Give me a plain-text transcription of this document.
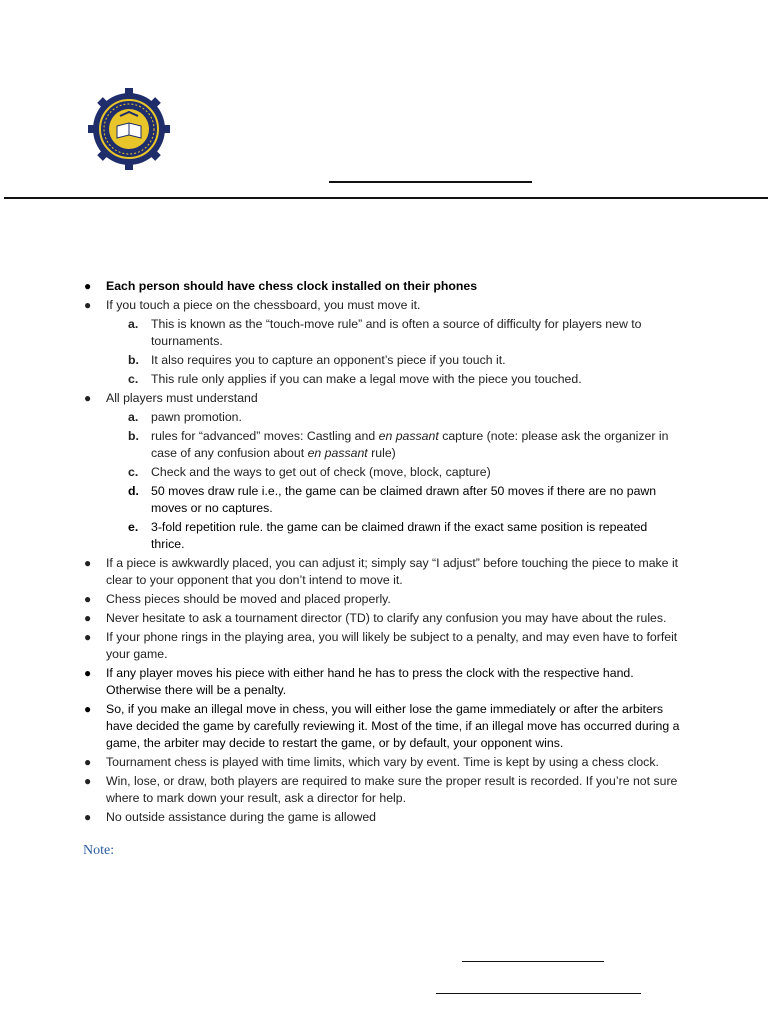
● Each person should have chess clock installed on their phones
● If you touch a piece on the chessboard, you must move it.
a. This is known as the “touch-move rule” and is often a source of difficulty for players new to tournaments.
b. It also requires you to capture an opponent’s piece if you touch it.
c. This rule only applies if you can make a legal move with the piece you touched.
● All players must understand
a. pawn promotion.
b. rules for “advanced” moves: Castling and en passant capture (note: please ask the organizer in case of any confusion about en passant rule)
c. Check and the ways to get out of check (move, block, capture)
d. 50 moves draw rule i.e., the game can be claimed drawn after 50 moves if there are no pawn moves or no captures.
e. 3-fold repetition rule. the game can be claimed drawn if the exact same position is repeated thrice.
● If a piece is awkwardly placed, you can adjust it; simply say “I adjust” before touching the piece to make it clear to your opponent that you don’t intend to move it.
● Chess pieces should be moved and placed properly.
● Never hesitate to ask a tournament director (TD) to clarify any confusion you may have about the rules.
● If your phone rings in the playing area, you will likely be subject to a penalty, and may even have to forfeit your game.
● If any player moves his piece with either hand he has to press the clock with the respective hand. Otherwise there will be a penalty.
● So, if you make an illegal move in chess, you will either lose the game immediately or after the arbiters have decided the game by carefully reviewing it. Most of the time, if an illegal move has occurred during a game, the arbiter may decide to restart the game, or by default, your opponent wins.
● Tournament chess is played with time limits, which vary by event. Time is kept by using a chess clock.
● Win, lose, or draw, both players are required to make sure the proper result is recorded. If you’re not sure where to mark down your result, ask a director for help.
● No outside assistance during the game is allowed
Note:
